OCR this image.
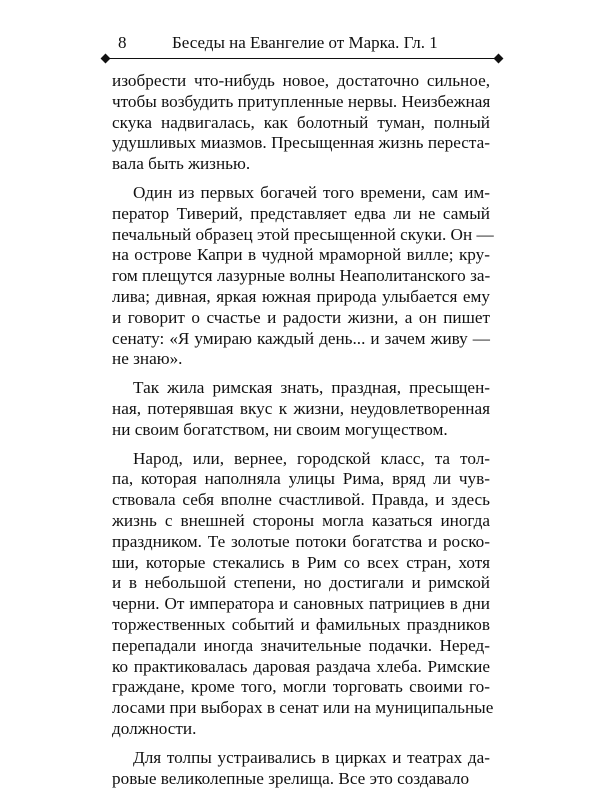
8	Беседы на Евангелие от Марка. Гл. 1

изобрести что-нибудь новое, достаточно сильное,
чтобы возбудить притупленные нервы. Неизбежная
скука надвигалась, как болотный туман, полный
удушливых миазмов. Пресыщенная жизнь переста-
вала быть жизнью.

Один из первых богачей того времени, сам им-
ператор Тиверий, представляет едва ли не самый
печальный образец этой пресыщенной скуки. Он —
на острове Капри в чудной мраморной вилле; кру-
гом плещутся лазурные волны Неаполитанского за-
лива; дивная, яркая южная природа улыбается ему
и говорит о счастье и радости жизни, а он пишет
сенату: «Я умираю каждый день... и зачем живу —
не знаю».

Так жила римская знать, праздная, пресыщен-
ная, потерявшая вкус к жизни, неудовлетворенная
ни своим богатством, ни своим могуществом.

Народ, или, вернее, городской класс, та тол-
па, которая наполняла улицы Рима, вряд ли чув-
ствовала себя вполне счастливой. Правда, и здесь
жизнь с внешней стороны могла казаться иногда
праздником. Те золотые потоки богатства и роско-
ши, которые стекались в Рим со всех стран, хотя
и в небольшой степени, но достигали и римской
черни. От императора и сановных патрициев в дни
торжественных событий и фамильных праздников
перепадали иногда значительные подачки. Неред-
ко практиковалась даровая раздача хлеба. Римские
граждане, кроме того, могли торговать своими го-
лосами при выборах в сенат или на муниципальные
должности.

Для толпы устраивались в цирках и театрах да-
ровые великолепные зрелища. Все это создавало
